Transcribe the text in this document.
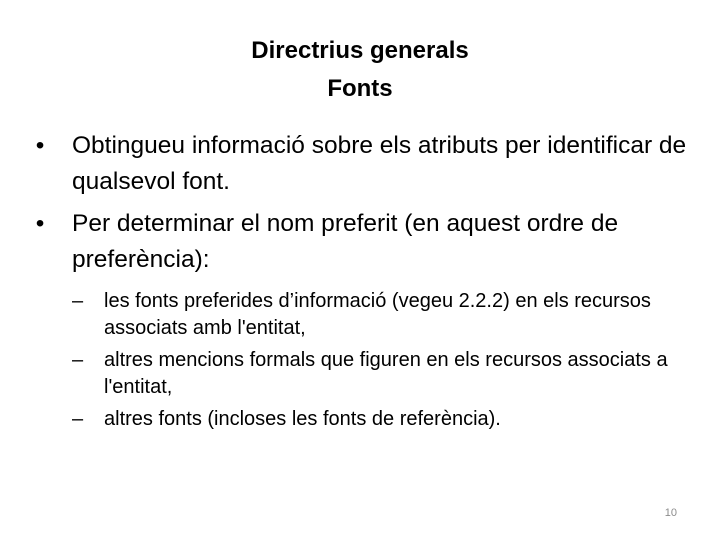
Directrius generals
Fonts
• Obtingueu informació sobre els atributs per identificar de qualsevol font.
• Per determinar el nom preferit (en aquest ordre de preferència):
–	les fonts preferides d’informació (vegeu 2.2.2) en els recursos associats amb l'entitat,
–	altres mencions formals que figuren en els recursos associats a l'entitat,
–	altres fonts (incloses les fonts de referència).
10
